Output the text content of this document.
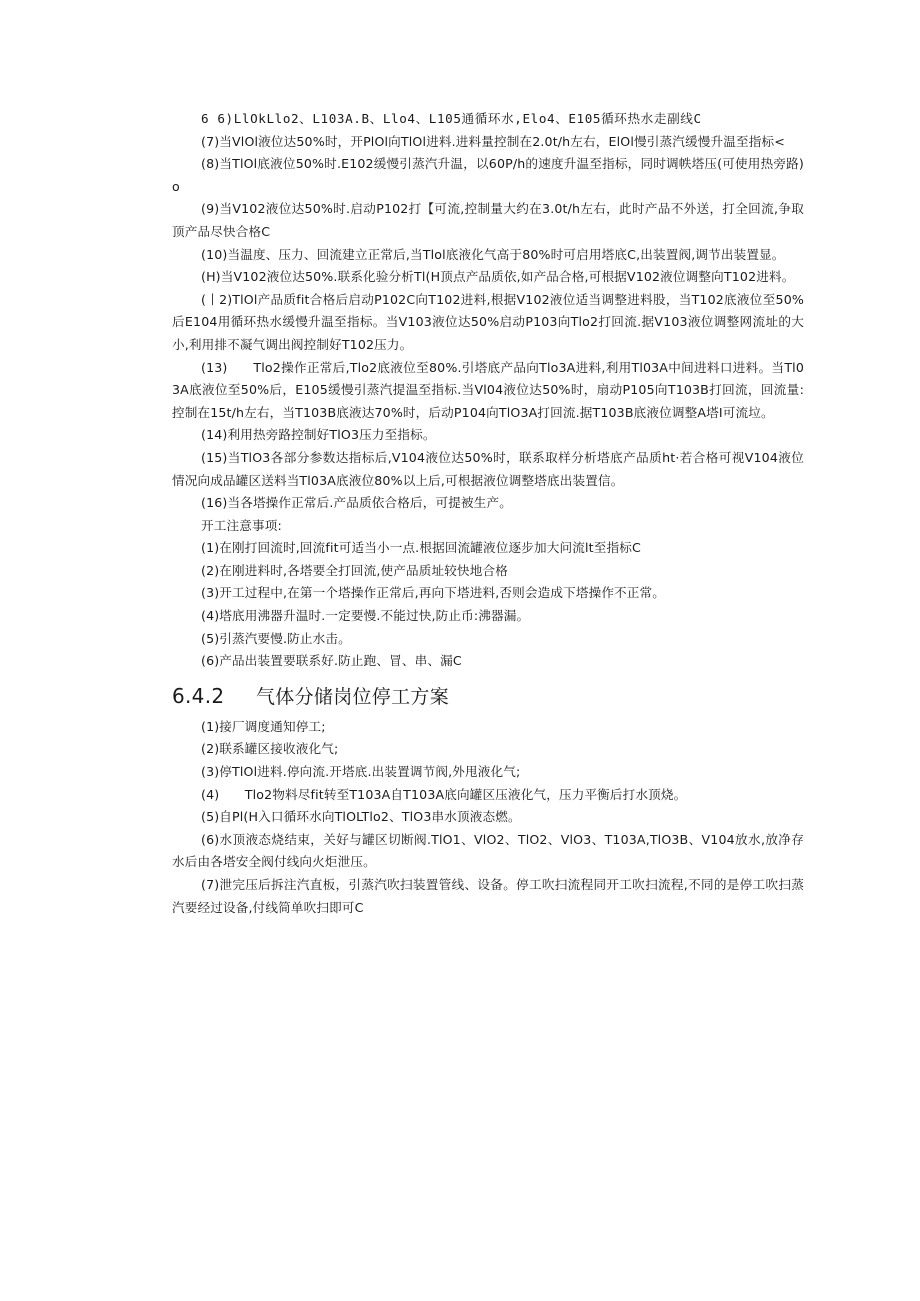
6 6)LlOkLlo2、L103A.B、Llo4、L105通循环水,Elo4、E105循环热水走副线C

(7)当VlOl液位达50%时，开PlOl向TlOl进料.进料量控制在2.0t/h左右，ElOl慢引蒸汽缓慢升温至指标<

(8)当TlOl底液位50%时.E102缓慢引蒸汽升温，以60P/h的速度升温至指标，同时调帙塔压(可使用热旁路)o

(9)当V102液位达50%时.启动P102打【可流,控制量大约在3.0t/h左右，此时产品不外送，打全回流,争取顶产品尽快合格C

(10)当温度、压力、回流建立正常后,当Tlol底液化气高于80%时可启用塔底C,出装置阀,调节出装置显。

(H)当V102液位达50%.联系化验分析Tl(H顶点产品质依,如产品合格,可根据V102液位调整向T102进料。

(丨2)TlOl产品质fit合格后启动P102C向T102进料,根据V102液位适当调整进料股，当T102底液位至50%后E104用循环热水缓慢升温至指标。当V103液位达50%启动P103向Tlo2打回流.据V103液位调整网流址的大小,利用排不凝气调出阀控制好T102压力。

(13)　　Tlo2操作正常后,Tlo2底液位至80%.引塔底产品向Tlo3A进料,利用Tl03A中间进料口进料。当Tl03A底液位至50%后，E105缓慢引蒸汽提温至指标.当Vl04液位达50%时，扇动P105向T103B打回流，回流量:控制在15t/h左右，当T103B底液达70%时，后动P104向TlO3A打回流.据T103B底液位调整A塔I可流垃。

(14)利用热旁路控制好TlO3压力至指标。

(15)当TlO3各部分参数达指标后,V104液位达50%时，联系取样分析塔底产品质ht·若合格可视V104液位情况向成品罐区送料当Tl03A底液位80%以上后,可根据液位调整塔底出装置信。

(16)当各塔操作正常后.产品质依合格后，可提被生产。

开工注意事项:

(1)在刚打回流时,回流fit可适当小一点.根据回流罐液位逐步加大问流lt至指标C

(2)在刚进料时,各塔要全打回流,使产品质址较快地合格

(3)开工过程中,在第一个塔操作正常后,再向下塔进料,否则会造成下塔操作不正常。

(4)塔底用沸器升温时.一定要慢.不能过快,防止币:沸器漏。

(5)引蒸汽要慢.防止水击。

(6)产品出装置要联系好.防止跑、冒、串、漏C

6.4.2 气体分储岗位停工方案

(1)接厂调度通知停工;

(2)联系罐区接收液化气;

(3)停TlOl进料.停向流.开塔底.出装置调节阀,外甩液化气;

(4)　　Tlo2物料尽fit转至T103A自T103A底向罐区压液化气，压力平衡后打水顶烧。

(5)自Pl(H入口循环水向TlOLTlo2、TlO3串水顶液态燃。

(6)水顶液态烧结束，关好与罐区切断阀.TlO1、VlO2、TlO2、VlO3、T103A,TlO3B、V104放水,放净存水后由各塔安全阀付线向火炬泄压。

(7)泄完压后拆注汽直板，引蒸汽吹扫装置管线、设备。停工吹扫流程同开工吹扫流程,不同的是停工吹扫蒸汽要经过设备,付线简单吹扫即可C
